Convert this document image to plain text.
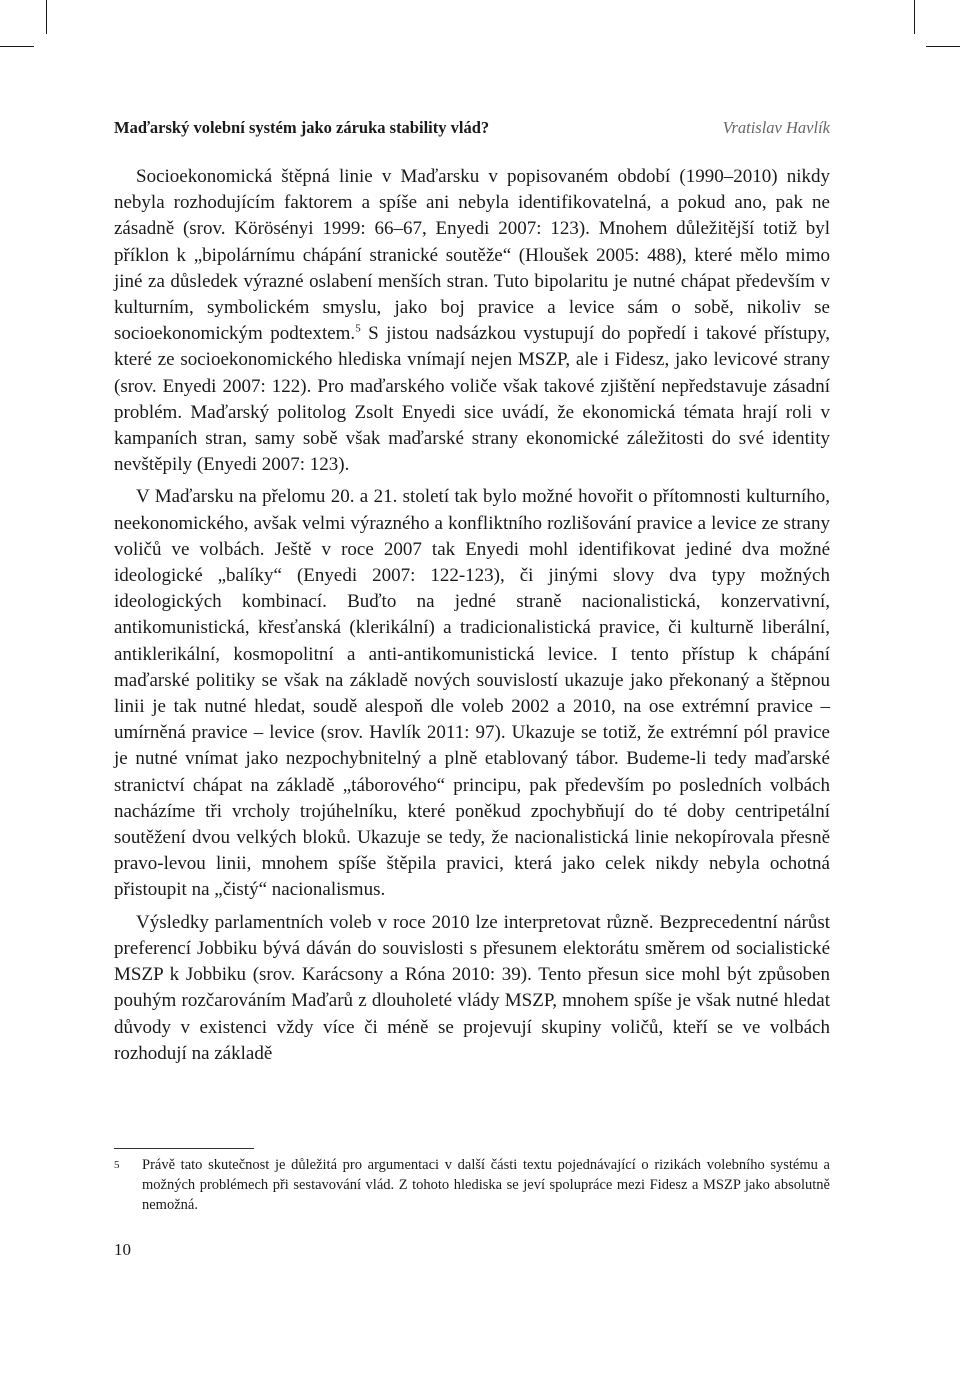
Maďarský volební systém jako záruka stability vlád?	Vratislav Havlík

Socioekonomická štěpná linie v Maďarsku v popisovaném období (1990–2010) nikdy nebyla rozhodujícím faktorem a spíše ani nebyla identifikovatelná, a pokud ano, pak ne zásadně (srov. Körösényi 1999: 66–67, Enyedi 2007: 123). Mnohem důležitější totiž byl příklon k „bipolárnímu chápání stranické soutěže“ (Hloušek 2005: 488), které mělo mimo jiné za důsledek výrazné oslabení menších stran. Tuto bipolaritu je nutné chápat především v kulturním, symbolickém smyslu, jako boj pravice a levice sám o sobě, nikoliv se socioekonomickým podtextem.$^5$ S jistou nadsázkou vystupují do popředí i takové přístupy, které ze socioekonomického hlediska vnímají nejen MSZP, ale i Fidesz, jako levicové strany (srov. Enyedi 2007: 122). Pro maďarského voliče však takové zjištění nepředstavuje zásadní problém. Maďarský politolog Zsolt Enyedi sice uvádí, že ekonomická témata hrají roli v kampaních stran, samy sobě však maďarské strany ekonomické záležitosti do své identity nevštěpily (Enyedi 2007: 123).

V Maďarsku na přelomu 20. a 21. století tak bylo možné hovořit o přítomnosti kulturního, neekonomického, avšak velmi výrazného a konfliktního rozlišování pravice a levice ze strany voličů ve volbách. Ještě v roce 2007 tak Enyedi mohl identifikovat jediné dva možné ideologické „balíky“ (Enyedi 2007: 122-123), či jinými slovy dva typy možných ideologických kombinací. Buďto na jedné straně nacionalistická, konzervativní, antikomunistická, křesťanská (klerikální) a tradicionalistická pravice, či kulturně liberální, antiklerikální, kosmopolitní a anti-antikomunistická levice. I tento přístup k chápání maďarské politiky se však na základě nových souvislostí ukazuje jako překonaný a štěpnou linii je tak nutné hledat, soudě alespoň dle voleb 2002 a 2010, na ose extrémní pravice – umírněná pravice – levice (srov. Havlík 2011: 97). Ukazuje se totiž, že extrémní pól pravice je nutné vnímat jako nezpochybnitelný a plně etablovaný tábor. Budeme-li tedy maďarské stranictví chápat na základě „táborového“ principu, pak především po posledních volbách nacházíme tři vrcholy trojúhelníku, které poněkud zpochybňují do té doby centripetální soutěžení dvou velkých bloků. Ukazuje se tedy, že nacionalistická linie nekopírovala přesně pravo-levou linii, mnohem spíše štěpila pravici, která jako celek nikdy nebyla ochotná přistoupit na „čistý“ nacionalismus.

Výsledky parlamentních voleb v roce 2010 lze interpretovat různě. Bezprecedentní nárůst preferencí Jobbiku bývá dáván do souvislosti s přesunem elektorátu směrem od socialistické MSZP k Jobbiku (srov. Karácsony a Róna 2010: 39). Tento přesun sice mohl být způsoben pouhým rozčarováním Maďarů z dlouholeté vlády MSZP, mnohem spíše je však nutné hledat důvody v existenci vždy více či méně se projevují skupiny voličů, kteří se ve volbách rozhodují na základě

5 Právě tato skutečnost je důležitá pro argumentaci v další části textu pojednávající o rizikách volebního systému a možných problémech při sestavování vlád. Z tohoto hlediska se jeví spolupráce mezi Fidesz a MSZP jako absolutně nemožná.
10
